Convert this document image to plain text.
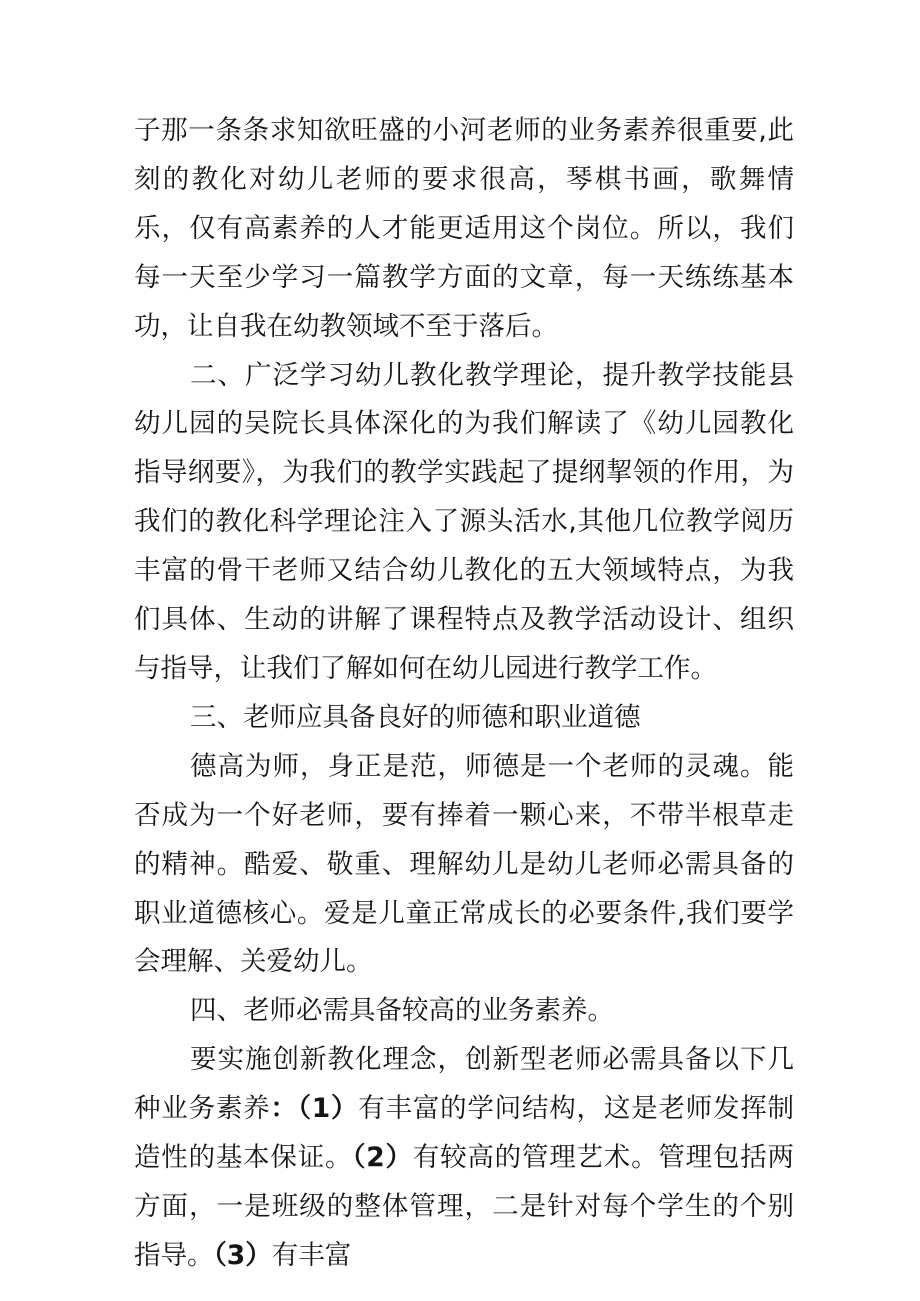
子那一条条求知欲旺盛的小河老师的业务素养很重要,此刻的教化对幼儿老师的要求很高，琴棋书画，歌舞情乐，仅有高素养的人才能更适用这个岗位。所以，我们每一天至少学习一篇教学方面的文章，每一天练练基本功，让自我在幼教领域不至于落后。

二、广泛学习幼儿教化教学理论，提升教学技能县幼儿园的吴院长具体深化的为我们解读了《幼儿园教化指导纲要》，为我们的教学实践起了提纲挈领的作用，为我们的教化科学理论注入了源头活水,其他几位教学阅历丰富的骨干老师又结合幼儿教化的五大领域特点，为我们具体、生动的讲解了课程特点及教学活动设计、组织与指导，让我们了解如何在幼儿园进行教学工作。

三、老师应具备良好的师德和职业道德

德高为师，身正是范，师德是一个老师的灵魂。能否成为一个好老师，要有捧着一颗心来，不带半根草走的精神。酷爱、敬重、理解幼儿是幼儿老师必需具备的职业道德核心。爱是儿童正常成长的必要条件,我们要学会理解、关爱幼儿。

四、老师必需具备较高的业务素养。

要实施创新教化理念，创新型老师必需具备以下几种业务素养：（1）有丰富的学问结构，这是老师发挥制造性的基本保证。（2）有较高的管理艺术。管理包括两方面，一是班级的整体管理，二是针对每个学生的个别指导。（3）有丰富
